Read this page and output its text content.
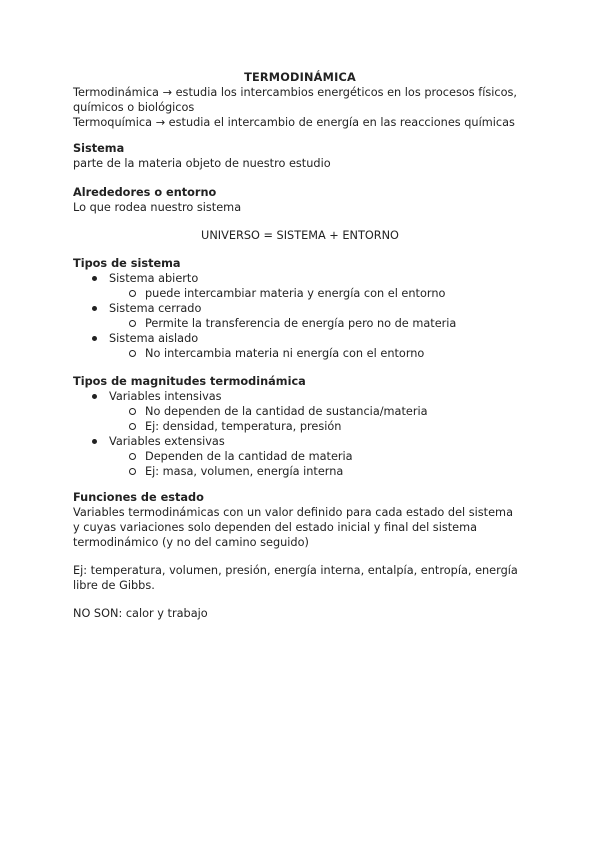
TERMODINÁMICA
Termodinámica → estudia los intercambios energéticos en los procesos físicos,
químicos o biológicos
Termoquímica → estudia el intercambio de energía en las reacciones químicas
Sistema
parte de la materia objeto de nuestro estudio
Alrededores o entorno
Lo que rodea nuestro sistema
UNIVERSO = SISTEMA + ENTORNO
Tipos de sistema
Sistema abierto
puede intercambiar materia y energía con el entorno
Sistema cerrado
Permite la transferencia de energía pero no de materia
Sistema aislado
No intercambia materia ni energía con el entorno
Tipos de magnitudes termodinámica
Variables intensivas
No dependen de la cantidad de sustancia/materia
Ej: densidad, temperatura, presión
Variables extensivas
Dependen de la cantidad de materia
Ej: masa, volumen, energía interna
Funciones de estado
Variables termodinámicas con un valor definido para cada estado del sistema
y cuyas variaciones solo dependen del estado inicial y final del sistema
termodinámico (y no del camino seguido)
Ej: temperatura, volumen, presión, energía interna, entalpía, entropía, energía
libre de Gibbs.
NO SON: calor y trabajo
